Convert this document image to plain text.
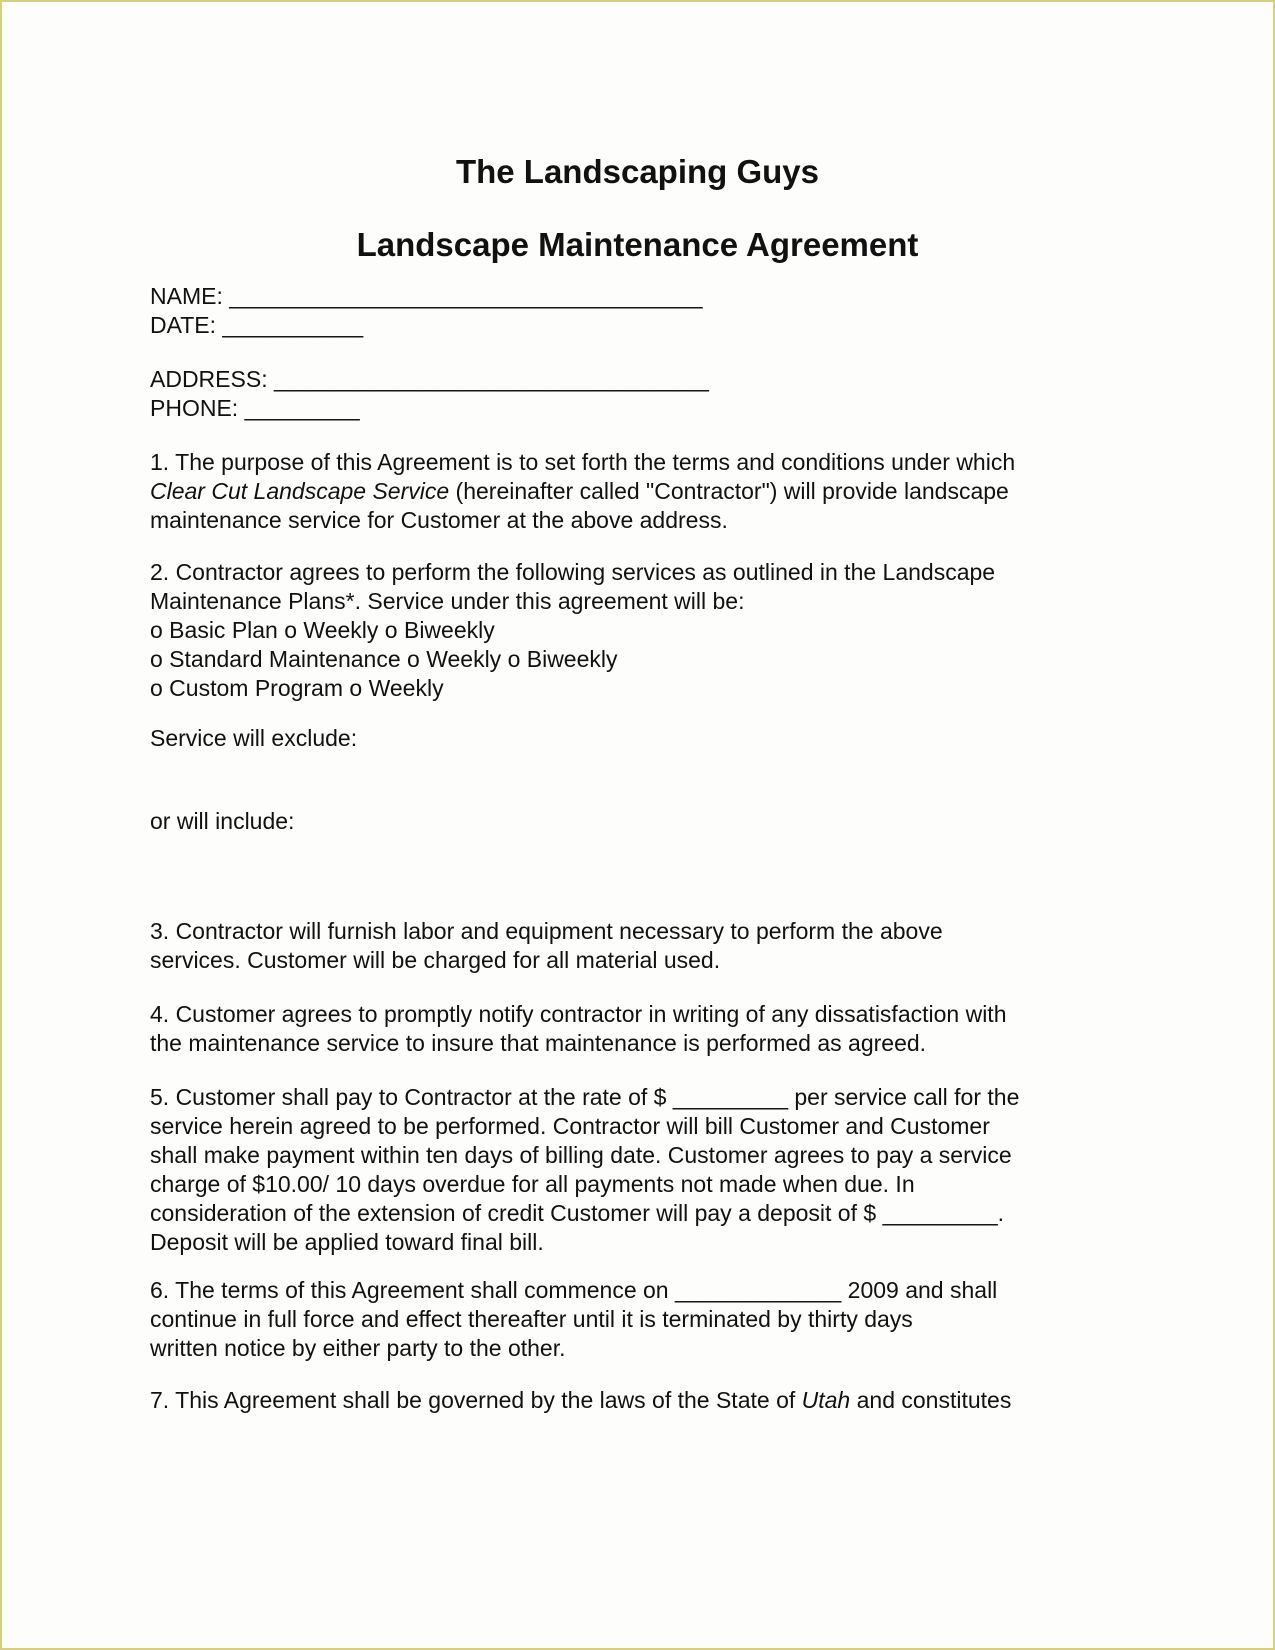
The Landscaping Guys
Landscape Maintenance Agreement
NAME: _____________________________________
DATE: ___________
ADDRESS: __________________________________
PHONE: _________
1. The purpose of this Agreement is to set forth the terms and conditions under which
Clear Cut Landscape Service (hereinafter called "Contractor") will provide landscape
maintenance service for Customer at the above address.
2. Contractor agrees to perform the following services as outlined in the Landscape
Maintenance Plans*. Service under this agreement will be:
o Basic Plan o Weekly o Biweekly
o Standard Maintenance o Weekly o Biweekly
o Custom Program o Weekly
Service will exclude:
or will include:
3. Contractor will furnish labor and equipment necessary to perform the above
services. Customer will be charged for all material used.
4. Customer agrees to promptly notify contractor in writing of any dissatisfaction with
the maintenance service to insure that maintenance is performed as agreed.
5. Customer shall pay to Contractor at the rate of $ _________ per service call for the
service herein agreed to be performed. Contractor will bill Customer and Customer
shall make payment within ten days of billing date. Customer agrees to pay a service
charge of $10.00/ 10 days overdue for all payments not made when due. In
consideration of the extension of credit Customer will pay a deposit of $ _________.
Deposit will be applied toward final bill.
6. The terms of this Agreement shall commence on _____________ 2009 and shall
continue in full force and effect thereafter until it is terminated by thirty days
written notice by either party to the other.
7. This Agreement shall be governed by the laws of the State of Utah and constitutes
